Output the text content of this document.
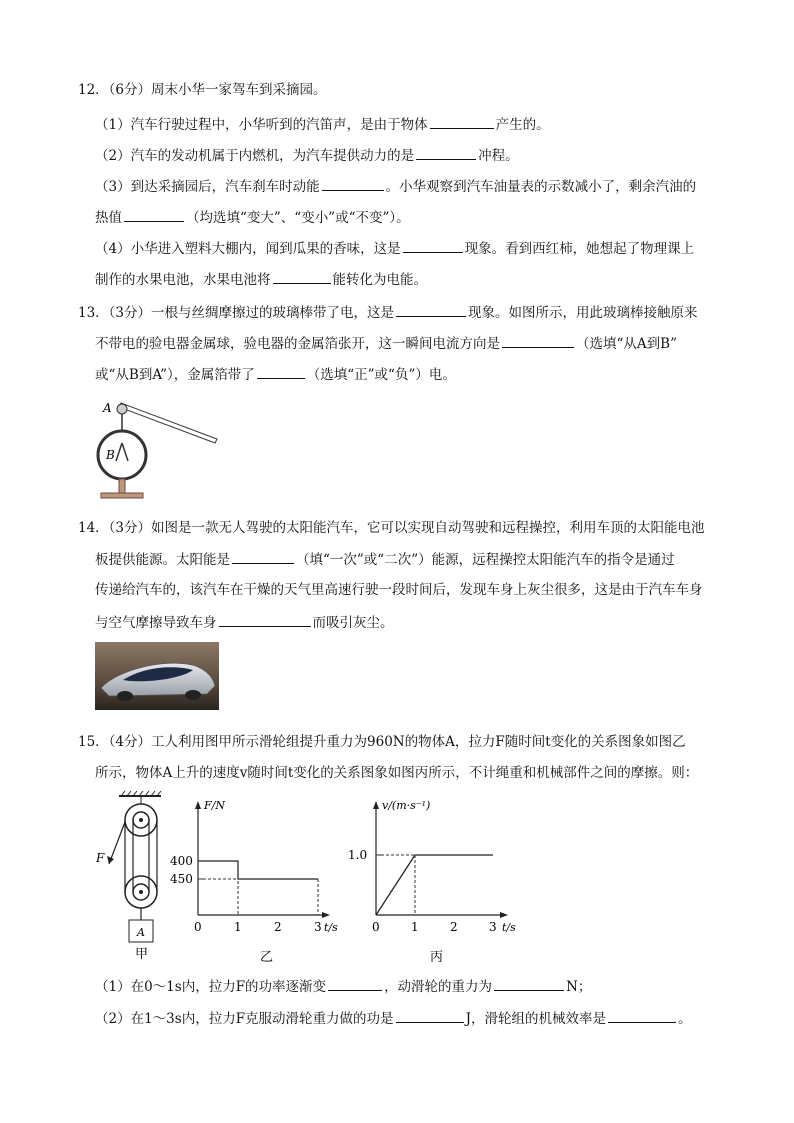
12．（6分）周末小华一家驾车到采摘园。
（1）汽车行驶过程中，小华听到的汽笛声，是由于物体	产生的。
（2）汽车的发动机属于内燃机，为汽车提供动力的是	冲程。
（3）到达采摘园后，汽车刹车时动能	。小华观察到汽车油量表的示数减小了，剩余汽油的
热值	（均选填“变大”、“变小”或“不变”）。
（4）小华进入塑料大棚内，闻到瓜果的香味，这是	现象。看到西红柿，她想起了物理课上
制作的水果电池，水果电池将	能转化为电能。
13．（3分）一根与丝绸摩擦过的玻璃棒带了电，这是	现象。如图所示，用此玻璃棒接触原来
不带电的验电器金属球，验电器的金属箔张开，这一瞬间电流方向是	（选填“从A到B”
或“从B到A”），金属箔带了	（选填“正”或“负”）电。
A
B
14．（3分）如图是一款无人驾驶的太阳能汽车，它可以实现自动驾驶和远程操控，利用车顶的太阳能电池
板提供能源。太阳能是	（填“一次”或“二次”）能源，远程操控太阳能汽车的指令是通过
传递给汽车的，该汽车在干燥的天气里高速行驶一段时间后，发现车身上灰尘很多，这是由于汽车车身
与空气摩擦导致车身	而吸引灰尘。
15．（4分）工人利用图甲所示滑轮组提升重力为960N的物体A，拉力F随时间t变化的关系图象如图乙
所示，物体A上升的速度v随时间t变化的关系图象如图丙所示，不计绳重和机械部件之间的摩擦。则：
F
A
甲
F/N
t/s
0	1	2	3
450
400
乙
v/(m·s⁻¹)
t/s
0	1	2	3
1.0
丙
（1）在0～1s内，拉力F的功率逐渐变	，动滑轮的重力为	N；
（2）在1～3s内，拉力F克服动滑轮重力做的功是	J，滑轮组的机械效率是	。
